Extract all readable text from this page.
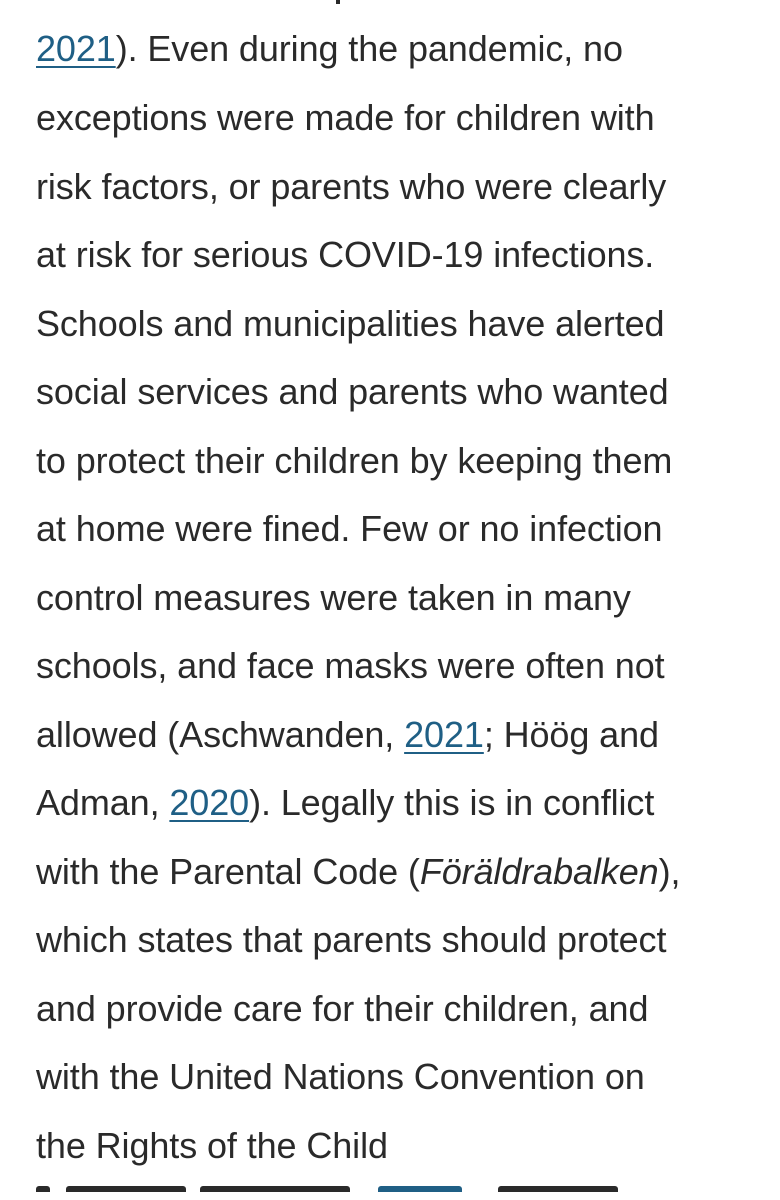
2021). Even during the pandemic, no
exceptions were made for children with
risk factors, or parents who were clearly
at risk for serious COVID-19 infections.
Schools and municipalities have alerted
social services and parents who wanted
to protect their children by keeping them
at home were fined. Few or no infection
control measures were taken in many
schools, and face masks were often not
allowed (Aschwanden, 2021; Höög and
Adman, 2020). Legally this is in conflict
with the Parental Code (Föräldrabalken),
which states that parents should protect
and provide care for their children, and
with the United Nations Convention on
the Rights of the Child
